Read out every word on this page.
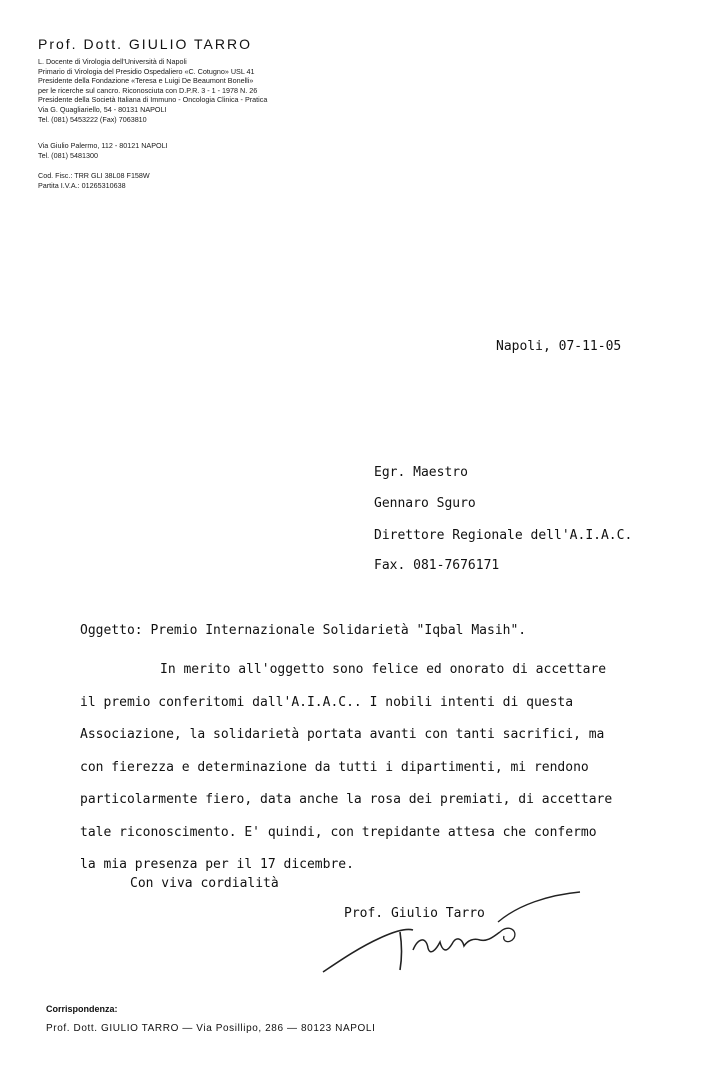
Prof. Dott. GIULIO TARRO
L. Docente di Virologia dell'Università di Napoli
Primario di Virologia del Presidio Ospedaliero «C. Cotugno» USL 41
Presidente della Fondazione «Teresa e Luigi De Beaumont Bonelli»
per le ricerche sul cancro. Riconosciuta con D.P.R. 3 - 1 - 1978 N. 26
Presidente della Società Italiana di Immuno - Oncologia Clinica - Pratica
Via G. Quagliariello, 54 - 80131 NAPOLI
Tel. (081) 5453222 (Fax) 7063810
Via Giulio Palermo, 112 - 80121 NAPOLI
Tel. (081) 5481300
Cod. Fisc.: TRR GLI 38L08 F158W
Partita I.V.A.: 01265310638
Napoli, 07-11-05
Egr. Maestro
Gennaro Sguro
Direttore Regionale dell'A.I.A.C.
Fax. 081-7676171
Oggetto: Premio Internazionale Solidarietà "Iqbal Masih".
In merito all'oggetto sono felice ed onorato di accettare
il premio conferitomi dall'A.I.A.C.. I nobili intenti di questa
Associazione, la solidarietà portata avanti con tanti sacrifici, ma
con fierezza e determinazione da tutti i dipartimenti, mi rendono
particolarmente fiero, data anche la rosa dei premiati, di accettare
tale riconoscimento. E' quindi, con trepidante attesa che confermo
la mia presenza per il 17 dicembre.
Con viva cordialità
Prof. Giulio Tarro
Corrispondenza:
Prof. Dott. GIULIO TARRO — Via Posillipo, 286 — 80123 NAPOLI
